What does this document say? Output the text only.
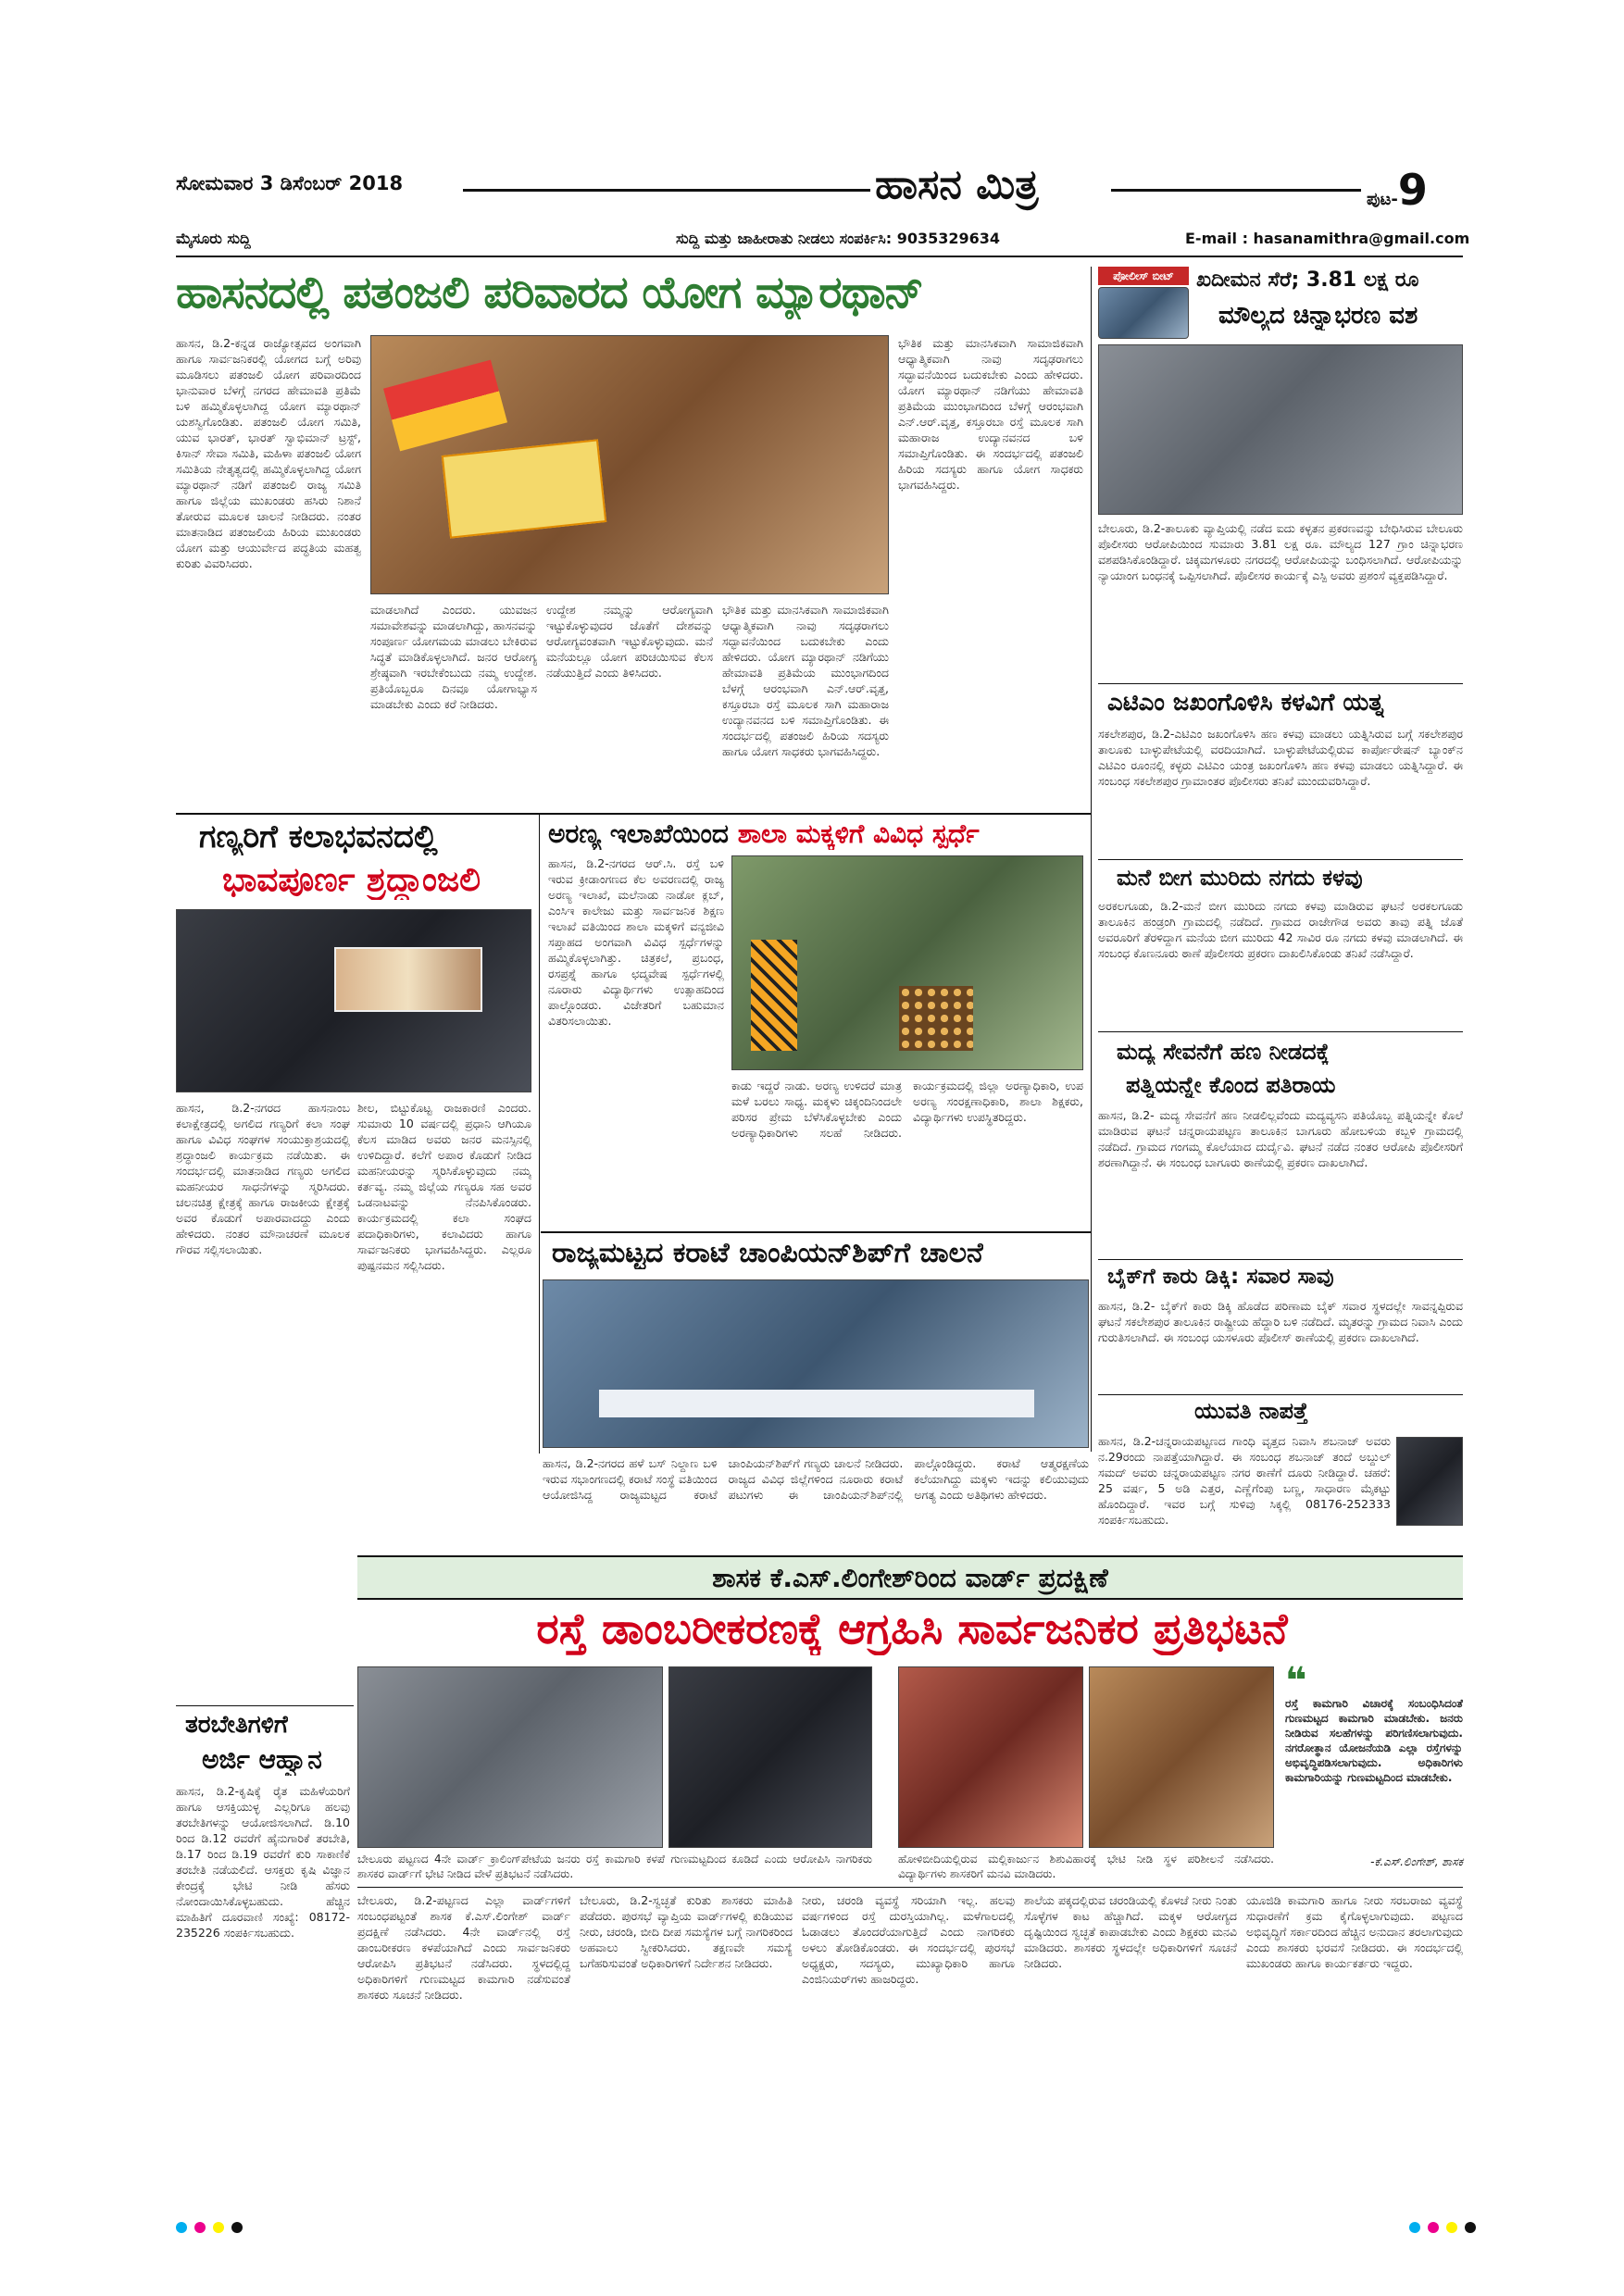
ಸೋಮವಾರ 3 ಡಿಸೆಂಬರ್ 2018	ಹಾಸನ ಮಿತ್ರ	ಪುಟ-9
ಮೈಸೂರು ಸುದ್ದಿ	ಸುದ್ದಿ ಮತ್ತು ಜಾಹೀರಾತು ನೀಡಲು ಸಂಪರ್ಕಿಸಿ: 9035329634	E-mail : hasanamithra@gmail.com
ಹಾಸನದಲ್ಲಿ ಪತಂಜಲಿ ಪರಿವಾರದ ಯೋಗ ಮ್ಯಾರಥಾನ್
ಹಾಸನ, ಡಿ.2-ಕನ್ನಡ ರಾಜ್ಯೋತ್ಸವದ ಅಂಗವಾಗಿ ಹಾಗೂ ಸಾರ್ವಜನಿಕರಲ್ಲಿ ಯೋಗದ ಬಗ್ಗೆ ಅರಿವು ಮೂಡಿಸಲು ಪತಂಜಲಿ ಯೋಗ ಪರಿವಾರದಿಂದ ಭಾನುವಾರ ಬೆಳಗ್ಗೆ ನಗರದ ಹೇಮಾವತಿ ಪ್ರತಿಮೆ ಬಳಿ ಹಮ್ಮಿಕೊಳ್ಳಲಾಗಿದ್ದ ಯೋಗ ಮ್ಯಾರಥಾನ್ ಯಶಸ್ವಿಗೊಂಡಿತು. ಪತಂಜಲಿ ಯೋಗ ಸಮಿತಿ, ಯುವ ಭಾರತ್, ಭಾರತ್ ಸ್ವಾಭಿಮಾನ್ ಟ್ರಸ್ಟ್, ಕಿಸಾನ್ ಸೇವಾ ಸಮಿತಿ, ಮಹಿಳಾ ಪತಂಜಲಿ ಯೋಗ ಸಮಿತಿಯ ನೇತೃತ್ವದಲ್ಲಿ ಹಮ್ಮಿಕೊಳ್ಳಲಾಗಿದ್ದ ಯೋಗ ಮ್ಯಾರಥಾನ್ ನಡಿಗೆ ಪತಂಜಲಿ ರಾಜ್ಯ ಸಮಿತಿ ಹಾಗೂ ಜಿಲ್ಲೆಯ ಮುಖಂಡರು ಹಸಿರು ನಿಶಾನೆ ತೋರುವ ಮೂಲಕ ಚಾಲನೆ ನೀಡಿದರು. ನಂತರ ಮಾತನಾಡಿದ ಪತಂಜಲಿಯ ಹಿರಿಯ ಮುಖಂಡರು ಯೋಗ ಮತ್ತು ಆಯುರ್ವೇದ ಪದ್ಧತಿಯ ಮಹತ್ವ ಕುರಿತು ವಿವರಿಸಿದರು.
ಮಾಡಲಾಗಿದೆ ಎಂದರು. ಯುವಜನ ಸಮಾವೇಶವನ್ನು ಮಾಡಲಾಗಿದ್ದು, ಹಾಸನವನ್ನು ಸಂಪೂರ್ಣ ಯೋಗಮಯ ಮಾಡಲು ಬೇಕಿರುವ ಸಿದ್ಧತೆ ಮಾಡಿಕೊಳ್ಳಲಾಗಿದೆ. ಜನರ ಆರೋಗ್ಯ ಶ್ರೇಷ್ಠವಾಗಿ ಇರಬೇಕೆಂಬುದು ನಮ್ಮ ಉದ್ದೇಶ. ಪ್ರತಿಯೊಬ್ಬರೂ ದಿನವೂ ಯೋಗಾಭ್ಯಾಸ ಮಾಡಬೇಕು ಎಂದು ಕರೆ ನೀಡಿದರು.
ಉದ್ದೇಶ ನಮ್ಮನ್ನು ಆರೋಗ್ಯವಾಗಿ ಇಟ್ಟುಕೊಳ್ಳುವುದರ ಜೊತೆಗೆ ದೇಶವನ್ನು ಆರೋಗ್ಯವಂತವಾಗಿ ಇಟ್ಟುಕೊಳ್ಳುವುದು. ಮನೆ ಮನೆಯಲ್ಲೂ ಯೋಗ ಪರಿಚಯಿಸುವ ಕೆಲಸ ನಡೆಯುತ್ತಿದೆ ಎಂದು ತಿಳಿಸಿದರು.
ಭೌತಿಕ ಮತ್ತು ಮಾನಸಿಕವಾಗಿ ಸಾಮಾಜಿಕವಾಗಿ ಆಧ್ಯಾತ್ಮಿಕವಾಗಿ ನಾವು ಸದೃಢರಾಗಲು ಸದ್ಭಾವನೆಯಿಂದ ಬದುಕಬೇಕು ಎಂದು ಹೇಳಿದರು. ಯೋಗ ಮ್ಯಾರಥಾನ್ ನಡಿಗೆಯು ಹೇಮಾವತಿ ಪ್ರತಿಮೆಯ ಮುಂಭಾಗದಿಂದ ಬೆಳಗ್ಗೆ ಆರಂಭವಾಗಿ ಎನ್.ಆರ್.ವೃತ್ತ, ಕಸ್ತೂರಬಾ ರಸ್ತೆ ಮೂಲಕ ಸಾಗಿ ಮಹಾರಾಜ ಉದ್ಯಾನವನದ ಬಳಿ ಸಮಾಪ್ತಿಗೊಂಡಿತು. ಈ ಸಂದರ್ಭದಲ್ಲಿ ಪತಂಜಲಿ ಹಿರಿಯ ಸದಸ್ಯರು ಹಾಗೂ ಯೋಗ ಸಾಧಕರು ಭಾಗವಹಿಸಿದ್ದರು.
ಭೌತಿಕ ಮತ್ತು ಮಾನಸಿಕವಾಗಿ ಸಾಮಾಜಿಕವಾಗಿ ಆಧ್ಯಾತ್ಮಿಕವಾಗಿ ನಾವು ಸದೃಢರಾಗಲು ಸದ್ಭಾವನೆಯಿಂದ ಬದುಕಬೇಕು ಎಂದು ಹೇಳಿದರು. ಯೋಗ ಮ್ಯಾರಥಾನ್ ನಡಿಗೆಯು ಹೇಮಾವತಿ ಪ್ರತಿಮೆಯ ಮುಂಭಾಗದಿಂದ ಬೆಳಗ್ಗೆ ಆರಂಭವಾಗಿ ಎನ್.ಆರ್.ವೃತ್ತ, ಕಸ್ತೂರಬಾ ರಸ್ತೆ ಮೂಲಕ ಸಾಗಿ ಮಹಾರಾಜ ಉದ್ಯಾನವನದ ಬಳಿ ಸಮಾಪ್ತಿಗೊಂಡಿತು. ಈ ಸಂದರ್ಭದಲ್ಲಿ ಪತಂಜಲಿ ಹಿರಿಯ ಸದಸ್ಯರು ಹಾಗೂ ಯೋಗ ಸಾಧಕರು ಭಾಗವಹಿಸಿದ್ದರು.
ಪೋಲೀಸ್ ಬೀಟ್	ಖದೀಮನ ಸೆರೆ; 3.81 ಲಕ್ಷ ರೂ
ಮೌಲ್ಯದ ಚಿನ್ನಾಭರಣ ವಶ
ಬೇಲೂರು, ಡಿ.2-ತಾಲೂಕು ವ್ಯಾಪ್ತಿಯಲ್ಲಿ ನಡೆದ ಐದು ಕಳ್ಳತನ ಪ್ರಕರಣವನ್ನು ಬೇಧಿಸಿರುವ ಬೇಲೂರು ಪೊಲೀಸರು ಆರೋಪಿಯಿಂದ ಸುಮಾರು 3.81 ಲಕ್ಷ ರೂ. ಮೌಲ್ಯದ 127 ಗ್ರಾಂ ಚಿನ್ನಾಭರಣ ವಶಪಡಿಸಿಕೊಂಡಿದ್ದಾರೆ. ಚಿಕ್ಕಮಗಳೂರು ನಗರದಲ್ಲಿ ಆರೋಪಿಯನ್ನು ಬಂಧಿಸಲಾಗಿದೆ. ಆರೋಪಿಯನ್ನು ನ್ಯಾಯಾಂಗ ಬಂಧನಕ್ಕೆ ಒಪ್ಪಿಸಲಾಗಿದೆ. ಪೊಲೀಸರ ಕಾರ್ಯಕ್ಕೆ ಎಸ್ಪಿ ಅವರು ಪ್ರಶಂಸೆ ವ್ಯಕ್ತಪಡಿಸಿದ್ದಾರೆ.
ಎಟಿಎಂ ಜಖಂಗೊಳಿಸಿ ಕಳವಿಗೆ ಯತ್ನ
ಸಕಲೇಶಪುರ, ಡಿ.2-ಎಟಿಎಂ ಜಖಂಗೊಳಿಸಿ ಹಣ ಕಳವು ಮಾಡಲು ಯತ್ನಿಸಿರುವ ಬಗ್ಗೆ ಸಕಲೇಶಪುರ ತಾಲೂಕು ಬಾಳ್ಳುಪೇಟೆಯಲ್ಲಿ ವರದಿಯಾಗಿದೆ. ಬಾಳ್ಳುಪೇಟೆಯಲ್ಲಿರುವ ಕಾರ್ಪೋರೇಷನ್ ಬ್ಯಾಂಕ್‌ನ ಎಟಿಎಂ ರೂಂನಲ್ಲಿ ಕಳ್ಳರು ಎಟಿಎಂ ಯಂತ್ರ ಜಖಂಗೊಳಿಸಿ ಹಣ ಕಳವು ಮಾಡಲು ಯತ್ನಿಸಿದ್ದಾರೆ. ಈ ಸಂಬಂಧ ಸಕಲೇಶಪುರ ಗ್ರಾಮಾಂತರ ಪೊಲೀಸರು ತನಿಖೆ ಮುಂದುವರಿಸಿದ್ದಾರೆ.
ಮನೆ ಬೀಗ ಮುರಿದು ನಗದು ಕಳವು
ಅರಕಲಗೂಡು, ಡಿ.2-ಮನೆ ಬೀಗ ಮುರಿದು ನಗದು ಕಳವು ಮಾಡಿರುವ ಘಟನೆ ಅರಕಲಗೂಡು ತಾಲೂಕಿನ ಹಂಡ್ರಂಗಿ ಗ್ರಾಮದಲ್ಲಿ ನಡೆದಿದೆ. ಗ್ರಾಮದ ರಾಜೇಗೌಡ ಅವರು ತಾವು ಪತ್ನಿ ಜೊತೆ ಅವರೂರಿಗೆ ತೆರಳಿದ್ದಾಗ ಮನೆಯ ಬೀಗ ಮುರಿದು 42 ಸಾವಿರ ರೂ ನಗದು ಕಳವು ಮಾಡಲಾಗಿದೆ. ಈ ಸಂಬಂಧ ಕೊಣನೂರು ಠಾಣೆ ಪೊಲೀಸರು ಪ್ರಕರಣ ದಾಖಲಿಸಿಕೊಂಡು ತನಿಖೆ ನಡೆಸಿದ್ದಾರೆ.
ಮದ್ಯ ಸೇವನೆಗೆ ಹಣ ನೀಡದಕ್ಕೆ
ಪತ್ನಿಯನ್ನೇ ಕೊಂದ ಪತಿರಾಯ
ಹಾಸನ, ಡಿ.2- ಮದ್ಯ ಸೇವನೆಗೆ ಹಣ ನೀಡಲಿಲ್ಲವೆಂದು ಮದ್ಯವ್ಯಸನಿ ಪತಿಯೊಬ್ಬ ಪತ್ನಿಯನ್ನೇ ಕೊಲೆ ಮಾಡಿರುವ ಘಟನೆ ಚನ್ನರಾಯಪಟ್ಟಣ ತಾಲೂಕಿನ ಬಾಗೂರು ಹೋಬಳಿಯ ಕಬ್ಬಳಿ ಗ್ರಾಮದಲ್ಲಿ ನಡೆದಿದೆ. ಗ್ರಾಮದ ಗಂಗಮ್ಮ ಕೊಲೆಯಾದ ದುರ್ದೈವಿ. ಘಟನೆ ನಡೆದ ನಂತರ ಆರೋಪಿ ಪೊಲೀಸರಿಗೆ ಶರಣಾಗಿದ್ದಾನೆ. ಈ ಸಂಬಂಧ ಬಾಗೂರು ಠಾಣೆಯಲ್ಲಿ ಪ್ರಕರಣ ದಾಖಲಾಗಿದೆ.
ಬೈಕ್‌ಗೆ ಕಾರು ಡಿಕ್ಕಿ: ಸವಾರ ಸಾವು
ಹಾಸನ, ಡಿ.2- ಬೈಕ್‌ಗೆ ಕಾರು ಡಿಕ್ಕಿ ಹೊಡೆದ ಪರಿಣಾಮ ಬೈಕ್ ಸವಾರ ಸ್ಥಳದಲ್ಲೇ ಸಾವನ್ನಪ್ಪಿರುವ ಘಟನೆ ಸಕಲೇಶಪುರ ತಾಲೂಕಿನ ರಾಷ್ಟ್ರೀಯ ಹೆದ್ದಾರಿ ಬಳಿ ನಡೆದಿದೆ. ಮೃತರನ್ನು ಗ್ರಾಮದ ನಿವಾಸಿ ಎಂದು ಗುರುತಿಸಲಾಗಿದೆ. ಈ ಸಂಬಂಧ ಯಸಳೂರು ಪೊಲೀಸ್ ಠಾಣೆಯಲ್ಲಿ ಪ್ರಕರಣ ದಾಖಲಾಗಿದೆ.
ಯುವತಿ ನಾಪತ್ತೆ
ಹಾಸನ, ಡಿ.2-ಚನ್ನರಾಯಪಟ್ಟಣದ ಗಾಂಧಿ ವೃತ್ತದ ನಿವಾಸಿ ಶಬನಾಜ್ ಅವರು ನ.29ರಂದು ನಾಪತ್ತೆಯಾಗಿದ್ದಾರೆ. ಈ ಸಂಬಂಧ ಶಬನಾಜ್ ತಂದೆ ಅಬ್ದುಲ್ ಸಮದ್ ಅವರು ಚನ್ನರಾಯಪಟ್ಟಣ ನಗರ ಠಾಣೆಗೆ ದೂರು ನೀಡಿದ್ದಾರೆ. ಚಹರೆ: 25 ವರ್ಷ, 5 ಅಡಿ ಎತ್ತರ, ಎಣ್ಣೆಗೆಂಪು ಬಣ್ಣ, ಸಾಧಾರಣ ಮೈಕಟ್ಟು ಹೊಂದಿದ್ದಾರೆ. ಇವರ ಬಗ್ಗೆ ಸುಳಿವು ಸಿಕ್ಕಲ್ಲಿ 08176-252333 ಸಂಪರ್ಕಿಸಬಹುದು.
ಗಣ್ಯರಿಗೆ ಕಲಾಭವನದಲ್ಲಿ
ಭಾವಪೂರ್ಣ ಶ್ರದ್ಧಾಂಜಲಿ
ಹಾಸನ, ಡಿ.2-ನಗರದ ಹಾಸನಾಂಬ ಕಲಾಕ್ಷೇತ್ರದಲ್ಲಿ ಅಗಲಿದ ಗಣ್ಯರಿಗೆ ಕಲಾ ಸಂಘ ಹಾಗೂ ವಿವಿಧ ಸಂಘಗಳ ಸಂಯುಕ್ತಾಶ್ರಯದಲ್ಲಿ ಶ್ರದ್ಧಾಂಜಲಿ ಕಾರ್ಯಕ್ರಮ ನಡೆಯಿತು. ಈ ಸಂದರ್ಭದಲ್ಲಿ ಮಾತನಾಡಿದ ಗಣ್ಯರು ಅಗಲಿದ ಮಹನೀಯರ ಸಾಧನೆಗಳನ್ನು ಸ್ಮರಿಸಿದರು. ಚಲನಚಿತ್ರ ಕ್ಷೇತ್ರಕ್ಕೆ ಹಾಗೂ ರಾಜಕೀಯ ಕ್ಷೇತ್ರಕ್ಕೆ ಅವರ ಕೊಡುಗೆ ಅಪಾರವಾದದ್ದು ಎಂದು ಹೇಳಿದರು. ನಂತರ ಮೌನಾಚರಣೆ ಮೂಲಕ ಗೌರವ ಸಲ್ಲಿಸಲಾಯಿತು.
ಶೀಲ, ಬಿಟ್ಟುಕೊಟ್ಟ ರಾಜಕಾರಣಿ ಎಂದರು. ಸುಮಾರು 10 ವರ್ಷದಲ್ಲಿ ಪ್ರಧಾನಿ ಆಗಿಯೂ ಕೆಲಸ ಮಾಡಿದ ಅವರು ಜನರ ಮನಸ್ಸಿನಲ್ಲಿ ಉಳಿದಿದ್ದಾರೆ. ಕಲೆಗೆ ಅಪಾರ ಕೊಡುಗೆ ನೀಡಿದ ಮಹನೀಯರನ್ನು ಸ್ಮರಿಸಿಕೊಳ್ಳುವುದು ನಮ್ಮ ಕರ್ತವ್ಯ. ನಮ್ಮ ಜಿಲ್ಲೆಯ ಗಣ್ಯರೂ ಸಹ ಅವರ ಒಡನಾಟವನ್ನು ನೆನಪಿಸಿಕೊಂಡರು. ಕಾರ್ಯಕ್ರಮದಲ್ಲಿ ಕಲಾ ಸಂಘದ ಪದಾಧಿಕಾರಿಗಳು, ಕಲಾವಿದರು ಹಾಗೂ ಸಾರ್ವಜನಿಕರು ಭಾಗವಹಿಸಿದ್ದರು. ಎಲ್ಲರೂ ಪುಷ್ಪನಮನ ಸಲ್ಲಿಸಿದರು.
ತರಬೇತಿಗಳಿಗೆ
ಅರ್ಜಿ ಆಹ್ವಾನ
ಹಾಸನ, ಡಿ.2-ಕೃಷಿಕ್ಕೆ ರೈತ ಮಹಿಳೆಯರಿಗೆ ಹಾಗೂ ಆಸಕ್ತಿಯುಳ್ಳ ಎಲ್ಲರಿಗೂ ಹಲವು ತರಬೇತಿಗಳನ್ನು ಆಯೋಜಿಸಲಾಗಿದೆ. ಡಿ.10 ರಿಂದ ಡಿ.12 ರವರೆಗೆ ಹೈನುಗಾರಿಕೆ ತರಬೇತಿ, ಡಿ.17 ರಿಂದ ಡಿ.19 ರವರೆಗೆ ಕುರಿ ಸಾಕಾಣಿಕೆ ತರಬೇತಿ ನಡೆಯಲಿದೆ. ಆಸಕ್ತರು ಕೃಷಿ ವಿಜ್ಞಾನ ಕೇಂದ್ರಕ್ಕೆ ಭೇಟಿ ನೀಡಿ ಹೆಸರು ನೋಂದಾಯಿಸಿಕೊಳ್ಳಬಹುದು. ಹೆಚ್ಚಿನ ಮಾಹಿತಿಗೆ ದೂರವಾಣಿ ಸಂಖ್ಯೆ: 08172-235226 ಸಂಪರ್ಕಿಸಬಹುದು.
ಅರಣ್ಯ ಇಲಾಖೆಯಿಂದ ಶಾಲಾ ಮಕ್ಕಳಿಗೆ ವಿವಿಧ ಸ್ಪರ್ಧೆ
ಹಾಸನ, ಡಿ.2-ನಗರದ ಆರ್.ಸಿ. ರಸ್ತೆ ಬಳಿ ಇರುವ ಕ್ರೀಡಾಂಗಣದ ಕೆಲ ಅವರಣದಲ್ಲಿ ರಾಜ್ಯ ಅರಣ್ಯ ಇಲಾಖೆ, ಮಲೆನಾಡು ನಾಡೋ ಕ್ಲಬ್, ಎಂಸಿಇ ಕಾಲೇಜು ಮತ್ತು ಸಾರ್ವಜನಿಕ ಶಿಕ್ಷಣ ಇಲಾಖೆ ವತಿಯಿಂದ ಶಾಲಾ ಮಕ್ಕಳಿಗೆ ವನ್ಯಜೀವಿ ಸಪ್ತಾಹದ ಅಂಗವಾಗಿ ವಿವಿಧ ಸ್ಪರ್ಧೆಗಳನ್ನು ಹಮ್ಮಿಕೊಳ್ಳಲಾಗಿತ್ತು. ಚಿತ್ರಕಲೆ, ಪ್ರಬಂಧ, ರಸಪ್ರಶ್ನೆ ಹಾಗೂ ಛದ್ಮವೇಷ ಸ್ಪರ್ಧೆಗಳಲ್ಲಿ ನೂರಾರು ವಿದ್ಯಾರ್ಥಿಗಳು ಉತ್ಸಾಹದಿಂದ ಪಾಲ್ಗೊಂಡರು. ವಿಜೇತರಿಗೆ ಬಹುಮಾನ ವಿತರಿಸಲಾಯಿತು.
ಕಾಡು ಇದ್ದರೆ ನಾಡು. ಅರಣ್ಯ ಉಳಿದರೆ ಮಾತ್ರ ಮಳೆ ಬರಲು ಸಾಧ್ಯ. ಮಕ್ಕಳು ಚಿಕ್ಕಂದಿನಿಂದಲೇ ಪರಿಸರ ಪ್ರೇಮ ಬೆಳೆಸಿಕೊಳ್ಳಬೇಕು ಎಂದು ಅರಣ್ಯಾಧಿಕಾರಿಗಳು ಸಲಹೆ ನೀಡಿದರು. ಕಾರ್ಯಕ್ರಮದಲ್ಲಿ ಜಿಲ್ಲಾ ಅರಣ್ಯಾಧಿಕಾರಿ, ಉಪ ಅರಣ್ಯ ಸಂರಕ್ಷಣಾಧಿಕಾರಿ, ಶಾಲಾ ಶಿಕ್ಷಕರು, ವಿದ್ಯಾರ್ಥಿಗಳು ಉಪಸ್ಥಿತರಿದ್ದರು.
ರಾಜ್ಯಮಟ್ಟದ ಕರಾಟೆ ಚಾಂಪಿಯನ್‌ಶಿಪ್‌ಗೆ ಚಾಲನೆ
ಹಾಸನ, ಡಿ.2-ನಗರದ ಹಳೆ ಬಸ್ ನಿಲ್ದಾಣ ಬಳಿ ಇರುವ ಸಭಾಂಗಣದಲ್ಲಿ ಕರಾಟೆ ಸಂಸ್ಥೆ ವತಿಯಿಂದ ಆಯೋಜಿಸಿದ್ದ ರಾಜ್ಯಮಟ್ಟದ ಕರಾಟೆ ಚಾಂಪಿಯನ್‌ಶಿಪ್‌ಗೆ ಗಣ್ಯರು ಚಾಲನೆ ನೀಡಿದರು. ರಾಜ್ಯದ ವಿವಿಧ ಜಿಲ್ಲೆಗಳಿಂದ ನೂರಾರು ಕರಾಟೆ ಪಟುಗಳು ಈ ಚಾಂಪಿಯನ್‌ಶಿಪ್‌ನಲ್ಲಿ ಪಾಲ್ಗೊಂಡಿದ್ದರು. ಕರಾಟೆ ಆತ್ಮರಕ್ಷಣೆಯ ಕಲೆಯಾಗಿದ್ದು ಮಕ್ಕಳು ಇದನ್ನು ಕಲಿಯುವುದು ಅಗತ್ಯ ಎಂದು ಅತಿಥಿಗಳು ಹೇಳಿದರು.
ಶಾಸಕ ಕೆ.ಎಸ್.ಲಿಂಗೇಶ್‌ರಿಂದ ವಾರ್ಡ್ ಪ್ರದಕ್ಷಿಣೆ
ರಸ್ತೆ ಡಾಂಬರೀಕರಣಕ್ಕೆ ಆಗ್ರಹಿಸಿ ಸಾರ್ವಜನಿಕರ ಪ್ರತಿಭಟನೆ
ಬೇಲೂರು ಪಟ್ಟಣದ 4ನೇ ವಾರ್ಡ್ ಕ್ರಾಲಿಂಗ್‌ಪೇಟೆಯ ಜನರು ರಸ್ತೆ ಕಾಮಗಾರಿ ಕಳಪೆ ಗುಣಮಟ್ಟದಿಂದ ಕೂಡಿದೆ ಎಂದು ಆರೋಪಿಸಿ ನಾಗರಿಕರು ಶಾಸಕರ ವಾರ್ಡ್‌ಗೆ ಭೇಟಿ ನೀಡಿದ ವೇಳೆ ಪ್ರತಿಭಟನೆ ನಡೆಸಿದರು.
ಹೋಳಿಬೀದಿಯಲ್ಲಿರುವ ಮಲ್ಲಿಕಾರ್ಜುನ ಶಿಶುವಿಹಾರಕ್ಕೆ ಭೇಟಿ ನೀಡಿ ಸ್ಥಳ ಪರಿಶೀಲನೆ ನಡೆಸಿದರು. ವಿದ್ಯಾರ್ಥಿಗಳು ಶಾಸಕರಿಗೆ ಮನವಿ ಮಾಡಿದರು.
❝
ರಸ್ತೆ ಕಾಮಗಾರಿ ವಿಚಾರಕ್ಕೆ ಸಂಬಂಧಿಸಿದಂತೆ ಗುಣಮಟ್ಟದ ಕಾಮಗಾರಿ ಮಾಡಬೇಕು. ಜನರು ನೀಡಿರುವ ಸಲಹೆಗಳನ್ನು ಪರಿಗಣಿಸಲಾಗುವುದು. ನಗರೋತ್ಥಾನ ಯೋಜನೆಯಡಿ ಎಲ್ಲಾ ರಸ್ತೆಗಳನ್ನು ಅಭಿವೃದ್ಧಿಪಡಿಸಲಾಗುವುದು. ಅಧಿಕಾರಿಗಳು ಕಾಮಗಾರಿಯನ್ನು ಗುಣಮಟ್ಟದಿಂದ ಮಾಡಬೇಕು.
-ಕೆ.ಎಸ್.ಲಿಂಗೇಶ್, ಶಾಸಕ
ಬೇಲೂರು, ಡಿ.2-ಪಟ್ಟಣದ ಎಲ್ಲಾ ವಾರ್ಡ್‌ಗಳಿಗೆ ಸಂಬಂಧಪಟ್ಟಂತೆ ಶಾಸಕ ಕೆ.ಎಸ್.ಲಿಂಗೇಶ್ ವಾರ್ಡ್ ಪ್ರದಕ್ಷಿಣೆ ನಡೆಸಿದರು. 4ನೇ ವಾರ್ಡ್‌ನಲ್ಲಿ ರಸ್ತೆ ಡಾಂಬರೀಕರಣ ಕಳಪೆಯಾಗಿದೆ ಎಂದು ಸಾರ್ವಜನಿಕರು ಆರೋಪಿಸಿ ಪ್ರತಿಭಟನೆ ನಡೆಸಿದರು. ಸ್ಥಳದಲ್ಲಿದ್ದ ಅಧಿಕಾರಿಗಳಿಗೆ ಗುಣಮಟ್ಟದ ಕಾಮಗಾರಿ ನಡೆಸುವಂತೆ ಶಾಸಕರು ಸೂಚನೆ ನೀಡಿದರು.
ಬೇಲೂರು, ಡಿ.2-ಸ್ವಚ್ಛತೆ ಕುರಿತು ಶಾಸಕರು ಮಾಹಿತಿ ಪಡೆದರು. ಪುರಸಭೆ ವ್ಯಾಪ್ತಿಯ ವಾರ್ಡ್‌ಗಳಲ್ಲಿ ಕುಡಿಯುವ ನೀರು, ಚರಂಡಿ, ಬೀದಿ ದೀಪ ಸಮಸ್ಯೆಗಳ ಬಗ್ಗೆ ನಾಗರಿಕರಿಂದ ಅಹವಾಲು ಸ್ವೀಕರಿಸಿದರು. ತಕ್ಷಣವೇ ಸಮಸ್ಯೆ ಬಗೆಹರಿಸುವಂತೆ ಅಧಿಕಾರಿಗಳಿಗೆ ನಿರ್ದೇಶನ ನೀಡಿದರು.
ನೀರು, ಚರಂಡಿ ವ್ಯವಸ್ಥೆ ಸರಿಯಾಗಿ ಇಲ್ಲ. ಹಲವು ವರ್ಷಗಳಿಂದ ರಸ್ತೆ ದುರಸ್ತಿಯಾಗಿಲ್ಲ. ಮಳೆಗಾಲದಲ್ಲಿ ಓಡಾಡಲು ತೊಂದರೆಯಾಗುತ್ತಿದೆ ಎಂದು ನಾಗರಿಕರು ಅಳಲು ತೋಡಿಕೊಂಡರು. ಈ ಸಂದರ್ಭದಲ್ಲಿ ಪುರಸಭೆ ಅಧ್ಯಕ್ಷರು, ಸದಸ್ಯರು, ಮುಖ್ಯಾಧಿಕಾರಿ ಹಾಗೂ ಎಂಜಿನಿಯರ್‌ಗಳು ಹಾಜರಿದ್ದರು.
ಶಾಲೆಯ ಪಕ್ಕದಲ್ಲಿರುವ ಚರಂಡಿಯಲ್ಲಿ ಕೊಳಚೆ ನೀರು ನಿಂತು ಸೊಳ್ಳೆಗಳ ಕಾಟ ಹೆಚ್ಚಾಗಿದೆ. ಮಕ್ಕಳ ಆರೋಗ್ಯದ ದೃಷ್ಟಿಯಿಂದ ಸ್ವಚ್ಛತೆ ಕಾಪಾಡಬೇಕು ಎಂದು ಶಿಕ್ಷಕರು ಮನವಿ ಮಾಡಿದರು. ಶಾಸಕರು ಸ್ಥಳದಲ್ಲೇ ಅಧಿಕಾರಿಗಳಿಗೆ ಸೂಚನೆ ನೀಡಿದರು.
ಯೂಜಿಡಿ ಕಾಮಗಾರಿ ಹಾಗೂ ನೀರು ಸರಬರಾಜು ವ್ಯವಸ್ಥೆ ಸುಧಾರಣೆಗೆ ಕ್ರಮ ಕೈಗೊಳ್ಳಲಾಗುವುದು. ಪಟ್ಟಣದ ಅಭಿವೃದ್ಧಿಗೆ ಸರ್ಕಾರದಿಂದ ಹೆಚ್ಚಿನ ಅನುದಾನ ತರಲಾಗುವುದು ಎಂದು ಶಾಸಕರು ಭರವಸೆ ನೀಡಿದರು. ಈ ಸಂದರ್ಭದಲ್ಲಿ ಮುಖಂಡರು ಹಾಗೂ ಕಾರ್ಯಕರ್ತರು ಇದ್ದರು.
